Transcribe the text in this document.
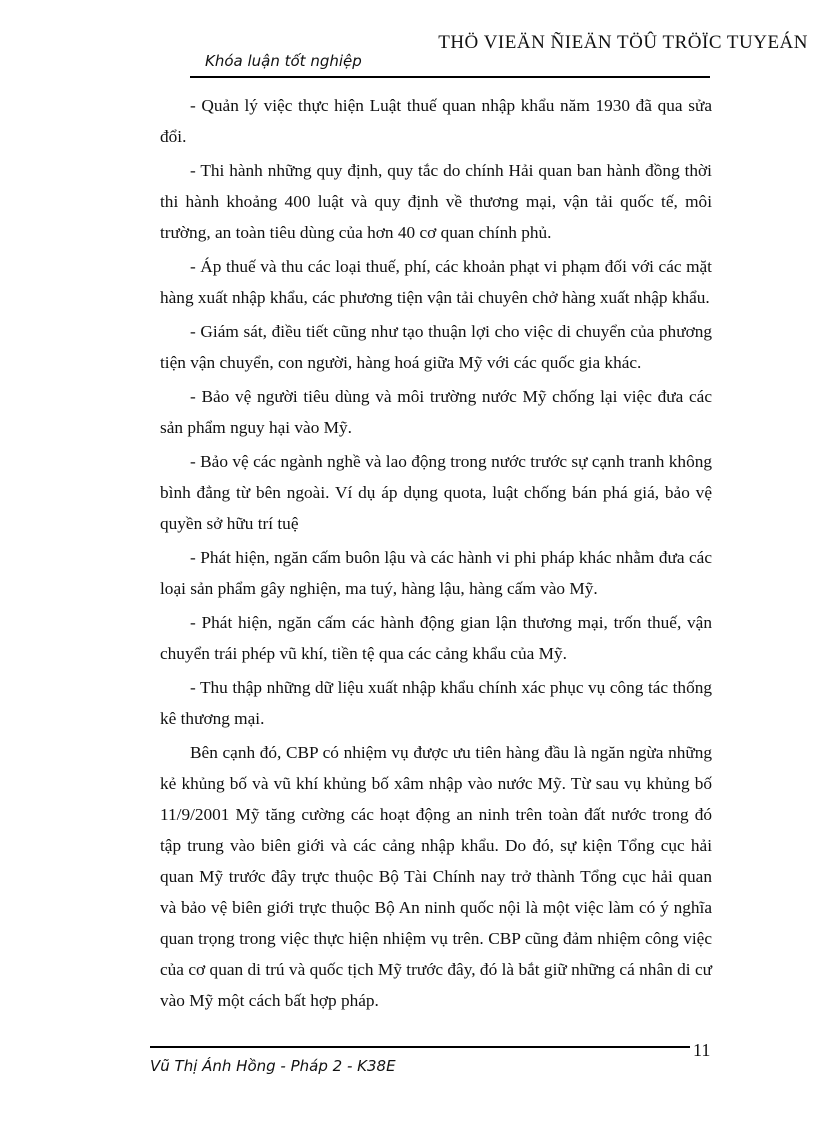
Khóa luận tốt nghiệp
THÖ VIEÄN ÑIEÄN TÖÛ TRÖÏC TUYEÁN

- Quản lý việc thực hiện Luật thuế quan nhập khẩu năm 1930 đã qua sửa đổi.

- Thi hành những quy định, quy tắc do chính Hải quan ban hành đồng thời thi hành khoảng 400 luật và quy định về thương mại, vận tải quốc tế, môi trường, an toàn tiêu dùng của hơn 40 cơ quan chính phủ.

- Áp thuế và thu các loại thuế, phí, các khoản phạt vi phạm đối với các mặt hàng xuất nhập khẩu, các phương tiện vận tải chuyên chở hàng xuất nhập khẩu.

- Giám sát, điều tiết cũng như tạo thuận lợi cho việc di chuyển của phương tiện vận chuyển, con người, hàng hoá giữa Mỹ với các quốc gia khác.

- Bảo vệ người tiêu dùng và môi trường nước Mỹ chống lại việc đưa các sản phẩm nguy hại vào Mỹ.

- Bảo vệ các ngành nghề và lao động trong nước trước sự cạnh tranh không bình đẳng từ bên ngoài. Ví dụ áp dụng quota, luật chống bán phá giá, bảo vệ quyền sở hữu trí tuệ

- Phát hiện, ngăn cấm buôn lậu và các hành vi phi pháp khác nhằm đưa các loại sản phẩm gây nghiện, ma tuý, hàng lậu, hàng cấm vào Mỹ.

- Phát hiện, ngăn cấm các hành động gian lận thương mại, trốn thuế, vận chuyển trái phép vũ khí, tiền tệ qua các cảng khẩu của Mỹ.

- Thu thập những dữ liệu xuất nhập khẩu chính xác phục vụ công tác thống kê thương mại.

Bên cạnh đó, CBP có nhiệm vụ được ưu tiên hàng đầu là ngăn ngừa những kẻ khủng bố và vũ khí khủng bố xâm nhập vào nước Mỹ. Từ sau vụ khủng bố 11/9/2001 Mỹ tăng cường các hoạt động an ninh trên toàn đất nước trong đó tập trung vào biên giới và các cảng nhập khẩu. Do đó, sự kiện Tổng cục hải quan Mỹ trước đây trực thuộc Bộ Tài Chính nay trở thành Tổng cục hải quan và bảo vệ biên giới trực thuộc Bộ An ninh quốc nội là một việc làm có ý nghĩa quan trọng trong việc thực hiện nhiệm vụ trên. CBP cũng đảm nhiệm công việc của cơ quan di trú và quốc tịch Mỹ trước đây, đó là bắt giữ những cá nhân di cư vào Mỹ một cách bất hợp pháp.

Vũ Thị Ánh Hồng - Pháp 2 - K38E
11
